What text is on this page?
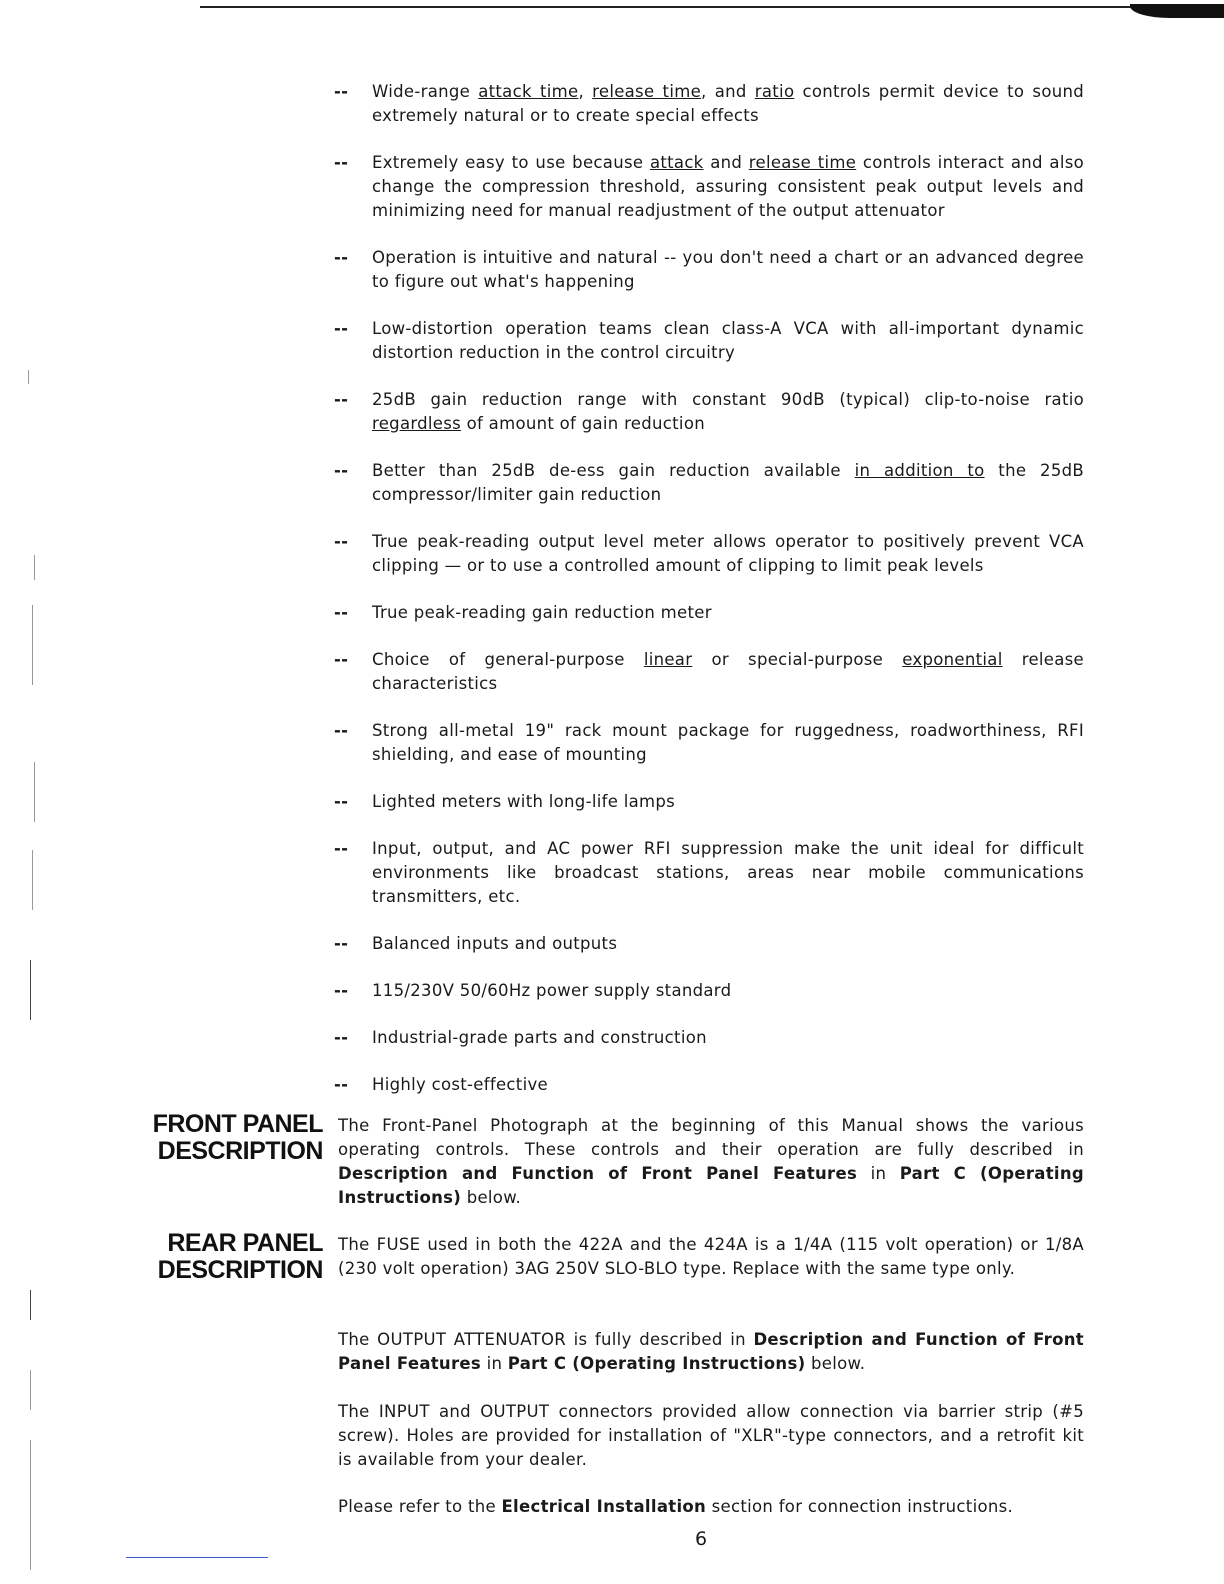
-- Wide-range attack time, release time, and ratio controls permit device to sound extremely natural or to create special effects
-- Extremely easy to use because attack and release time controls interact and also change the compression threshold, assuring consistent peak output levels and minimizing need for manual readjustment of the output attenuator
-- Operation is intuitive and natural -- you don't need a chart or an advanced degree to figure out what's happening
-- Low-distortion operation teams clean class-A VCA with all-important dynamic distortion reduction in the control circuitry
-- 25dB gain reduction range with constant 90dB (typical) clip-to-noise ratio regardless of amount of gain reduction
-- Better than 25dB de-ess gain reduction available in addition to the 25dB compressor/limiter gain reduction
-- True peak-reading output level meter allows operator to positively prevent VCA clipping — or to use a controlled amount of clipping to limit peak levels
-- True peak-reading gain reduction meter
-- Choice of general-purpose linear or special-purpose exponential release characteristics
-- Strong all-metal 19" rack mount package for ruggedness, roadworthiness, RFI shielding, and ease of mounting
-- Lighted meters with long-life lamps
-- Input, output, and AC power RFI suppression make the unit ideal for difficult environments like broadcast stations, areas near mobile communications transmitters, etc.
-- Balanced inputs and outputs
-- 115/230V 50/60Hz power supply standard
-- Industrial-grade parts and construction
-- Highly cost-effective
FRONT PANEL
DESCRIPTION

The Front-Panel Photograph at the beginning of this Manual shows the various operating controls. These controls and their operation are fully described in Description and Function of Front Panel Features in Part C (Operating Instructions) below.

REAR PANEL
DESCRIPTION

The FUSE used in both the 422A and the 424A is a 1/4A (115 volt operation) or 1/8A (230 volt operation) 3AG 250V SLO-BLO type. Replace with the same type only.

The OUTPUT ATTENUATOR is fully described in Description and Function of Front Panel Features in Part C (Operating Instructions) below.

The INPUT and OUTPUT connectors provided allow connection via barrier strip (#5 screw). Holes are provided for installation of "XLR"-type connectors, and a retrofit kit is available from your dealer.

Please refer to the Electrical Installation section for connection instructions.

6
